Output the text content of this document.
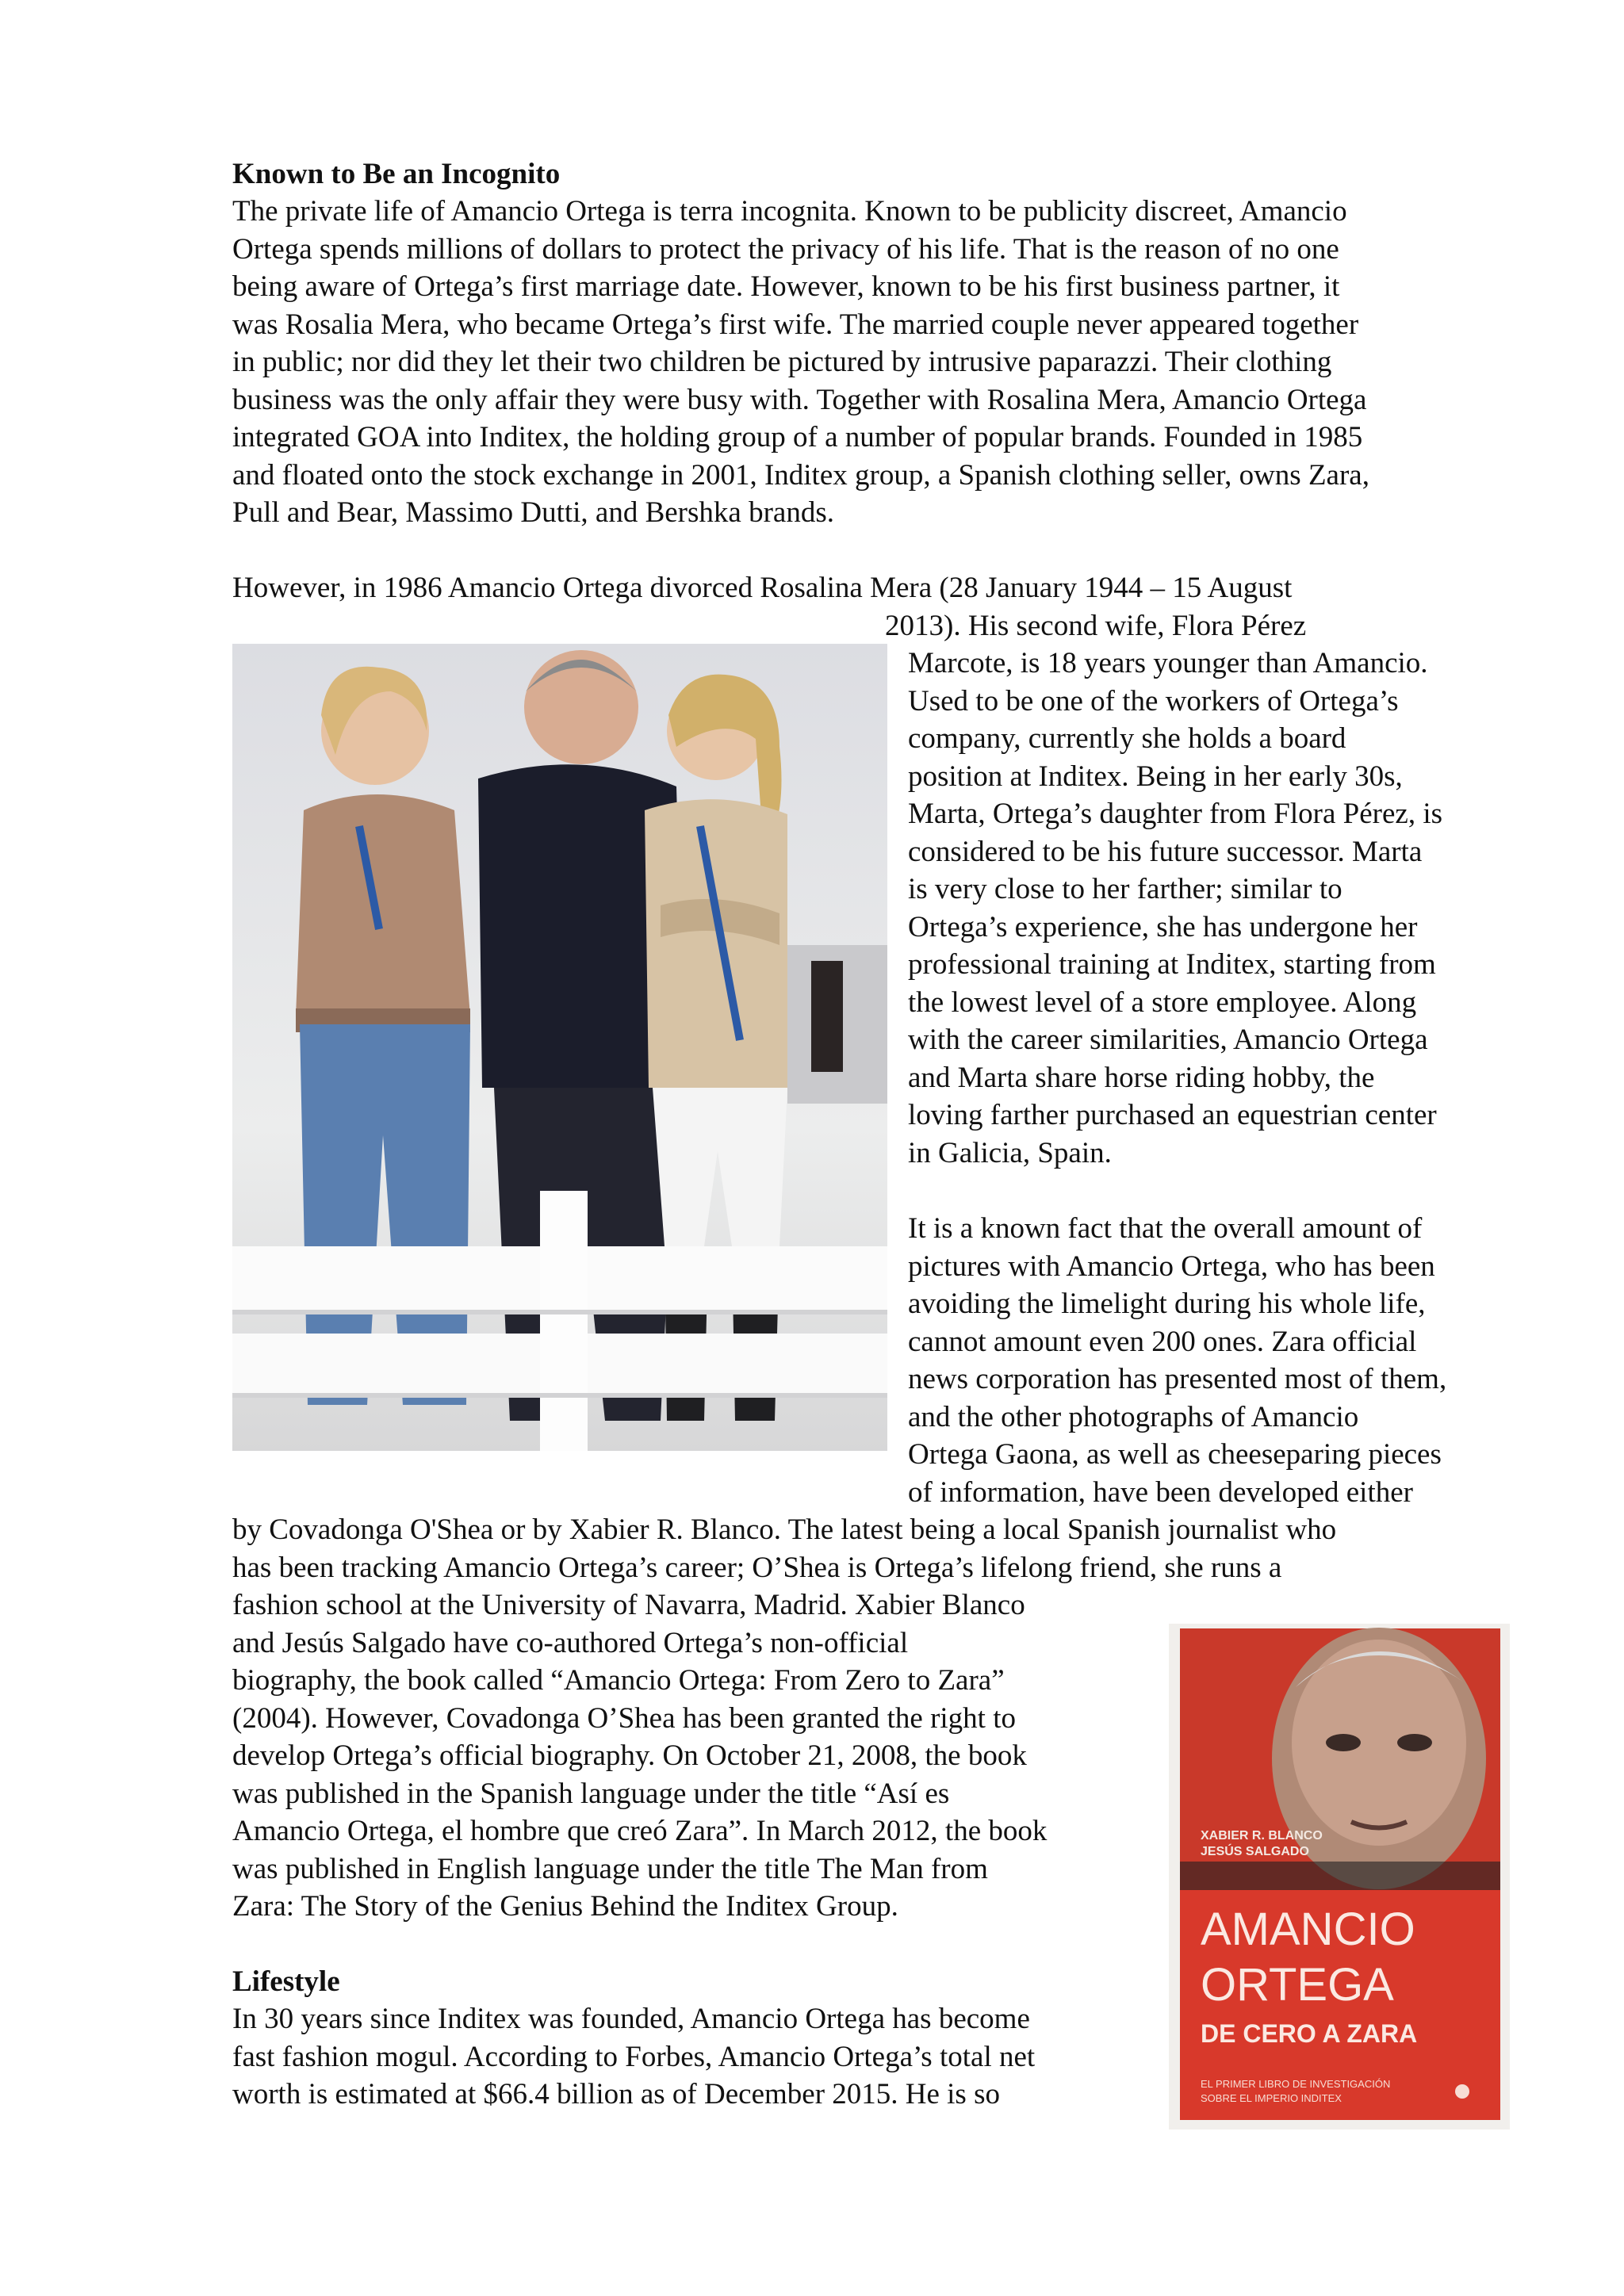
Known to Be an Incognito
The private life of Amancio Ortega is terra incognita. Known to be publicity discreet, Amancio
Ortega spends millions of dollars to protect the privacy of his life. That is the reason of no one
being aware of Ortega’s first marriage date. However, known to be his first business partner, it
was Rosalia Mera, who became Ortega’s first wife. The married couple never appeared together
in public; nor did they let their two children be pictured by intrusive paparazzi. Their clothing
business was the only affair they were busy with. Together with Rosalina Mera, Amancio Ortega
integrated GOA into Inditex, the holding group of a number of popular brands. Founded in 1985
and floated onto the stock exchange in 2001, Inditex group, a Spanish clothing seller, owns Zara,
Pull and Bear, Massimo Dutti, and Bershka brands.
However, in 1986 Amancio Ortega divorced Rosalina Mera (28 January 1944 – 15 August
2013). His second wife, Flora Pérez
Marcote, is 18 years younger than Amancio.
Used to be one of the workers of Ortega’s
company, currently she holds a board
position at Inditex. Being in her early 30s,
Marta, Ortega’s daughter from Flora Pérez, is
considered to be his future successor. Marta
is very close to her farther; similar to
Ortega’s experience, she has undergone her
professional training at Inditex, starting from
the lowest level of a store employee. Along
with the career similarities, Amancio Ortega
and Marta share horse riding hobby, the
loving farther purchased an equestrian center
in Galicia, Spain.
It is a known fact that the overall amount of
pictures with Amancio Ortega, who has been
avoiding the limelight during his whole life,
cannot amount even 200 ones. Zara official
news corporation has presented most of them,
and the other photographs of Amancio
Ortega Gaona, as well as cheeseparing pieces
of information, have been developed either
by Covadonga O'Shea or by Xabier R. Blanco. The latest being a local Spanish journalist who
has been tracking Amancio Ortega’s career; O’Shea is Ortega’s lifelong friend, she runs a
fashion school at the University of Navarra, Madrid. Xabier Blanco
and Jesús Salgado have co-authored Ortega’s non-official
biography, the book called “Amancio Ortega: From Zero to Zara”
(2004). However, Covadonga O’Shea has been granted the right to
develop Ortega’s official biography. On October 21, 2008, the book
was published in the Spanish language under the title “Así es
Amancio Ortega, el hombre que creó Zara”. In March 2012, the book
was published in English language under the title The Man from
Zara: The Story of the Genius Behind the Inditex Group.
Lifestyle
In 30 years since Inditex was founded, Amancio Ortega has become
fast fashion mogul. According to Forbes, Amancio Ortega’s total net
worth is estimated at $66.4 billion as of December 2015. He is so
XABIER R. BLANCO
JESÚS SALGADO
AMANCIO
ORTEGA
DE CERO A ZARA
EL PRIMER LIBRO DE INVESTIGACIÓN
SOBRE EL IMPERIO INDITEX
